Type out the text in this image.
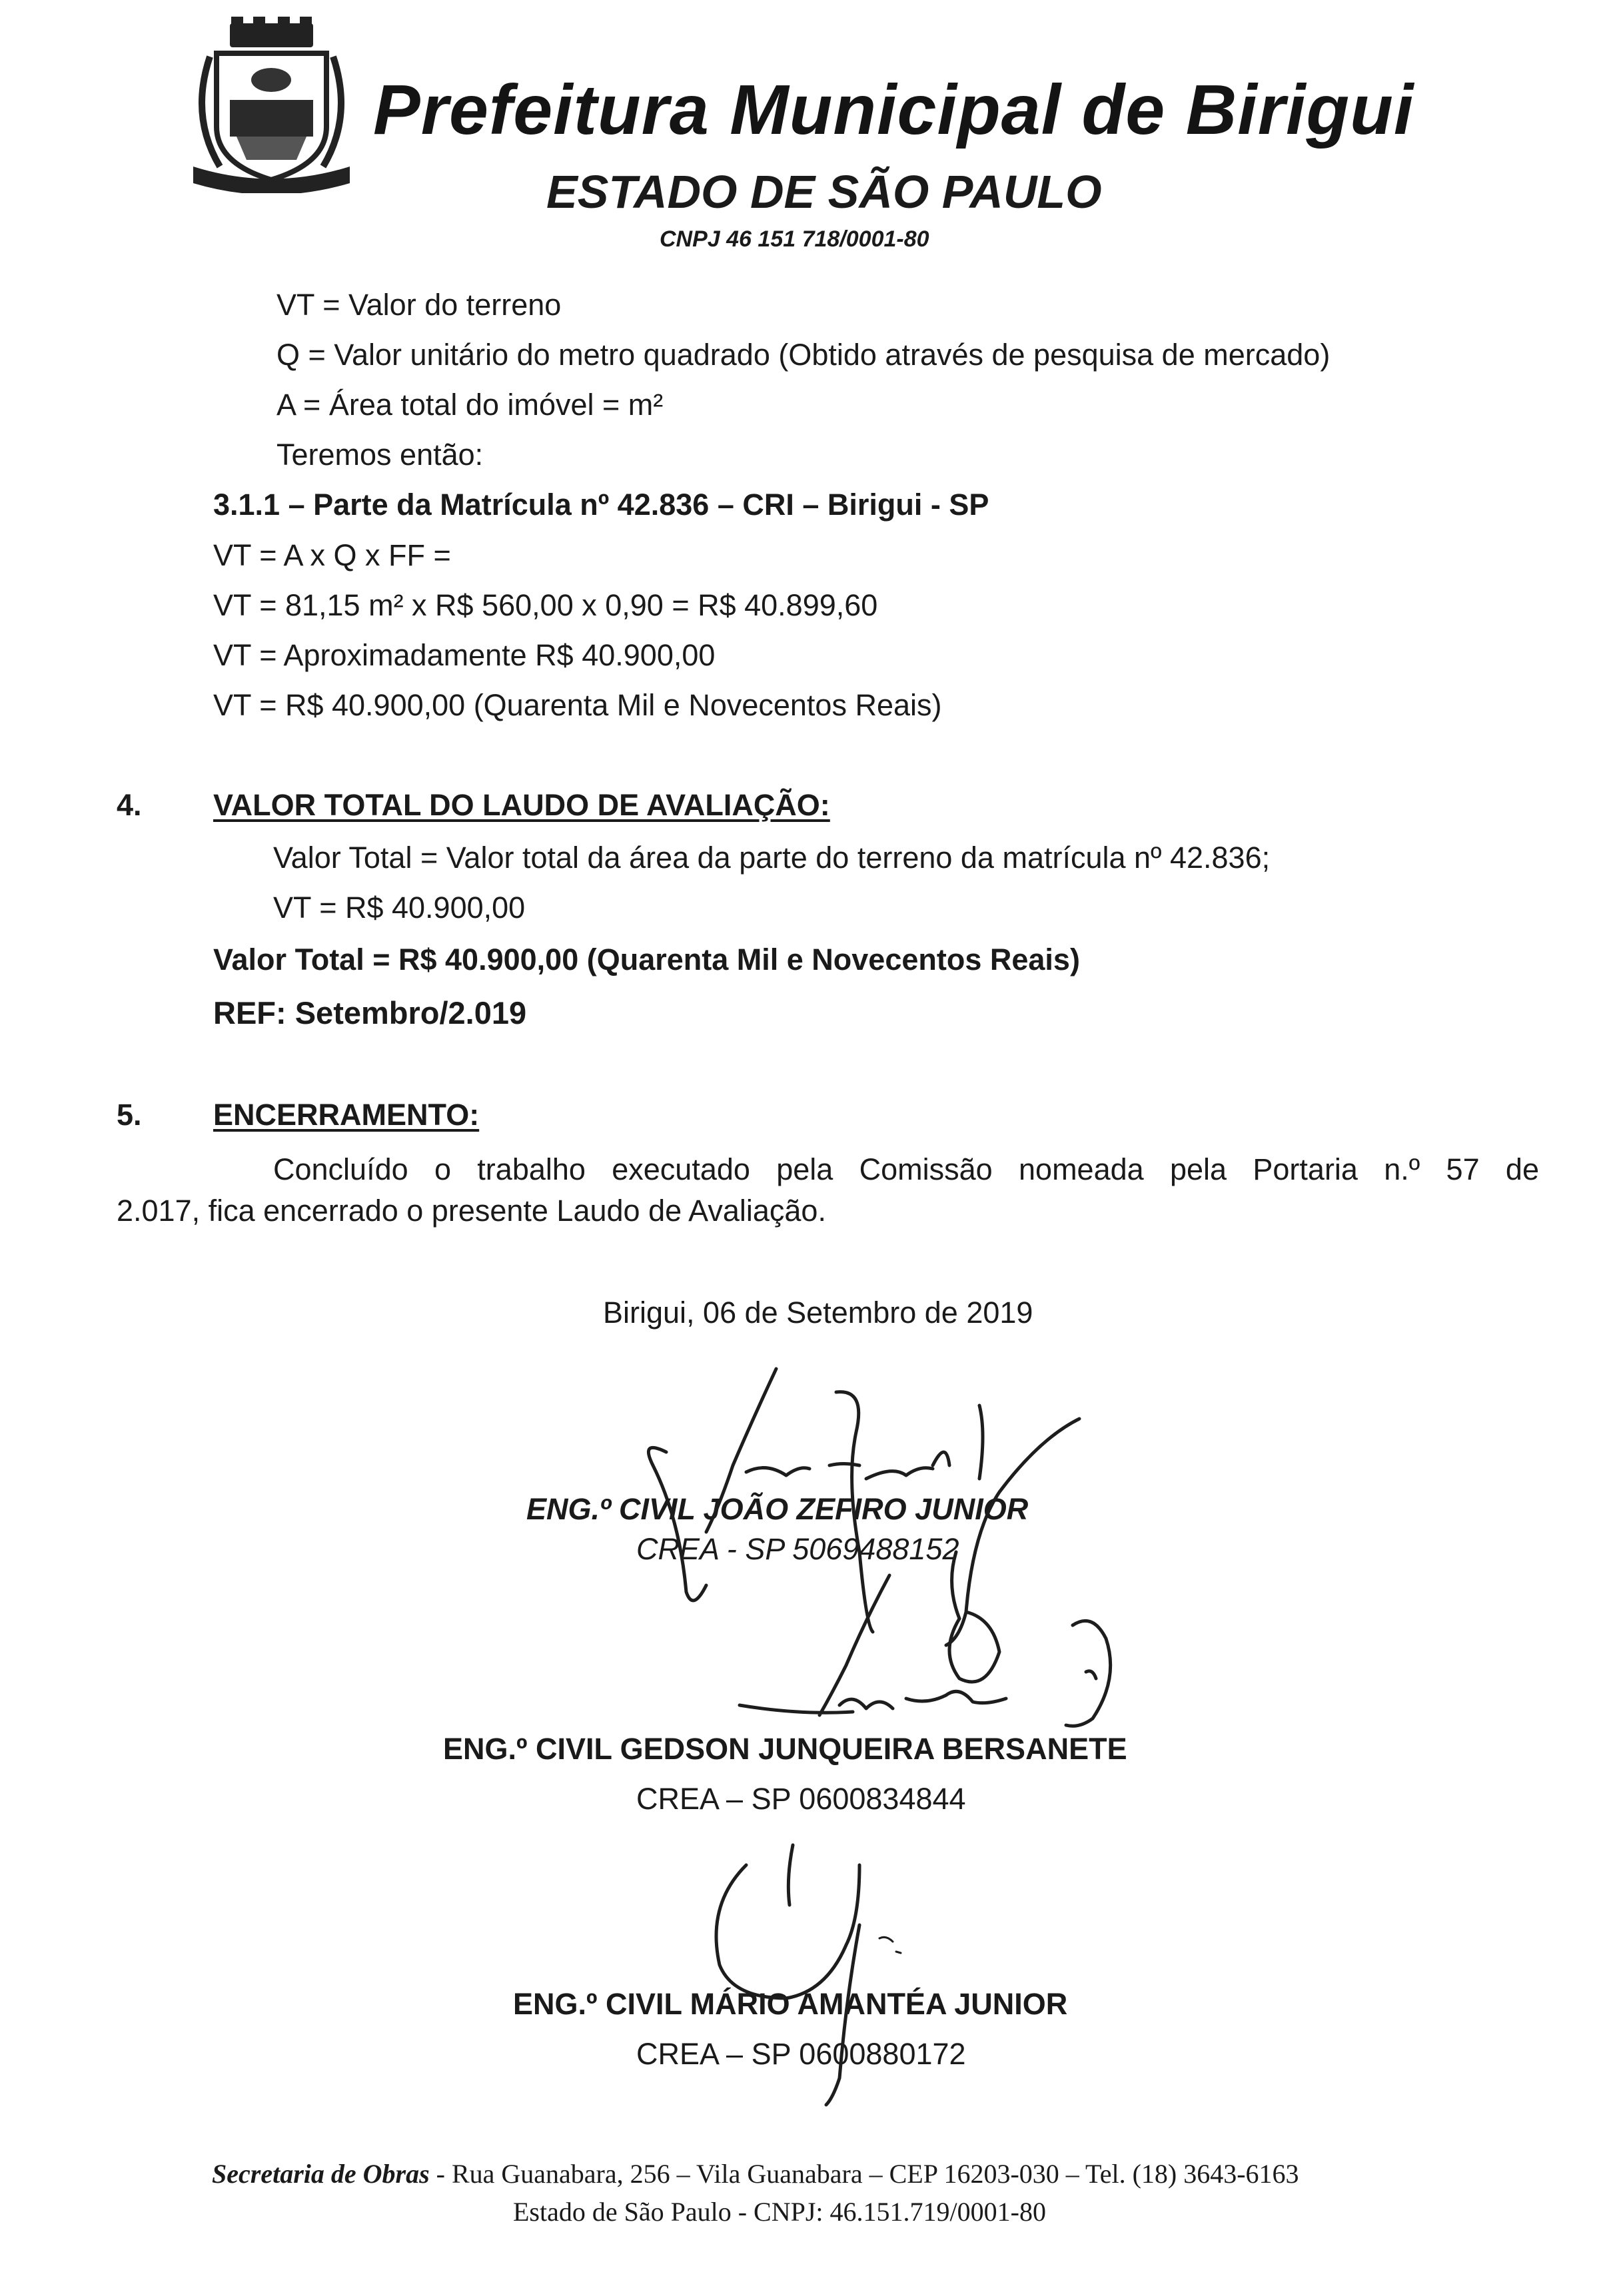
Prefeitura Municipal de Birigui
ESTADO DE SÃO PAULO
CNPJ 46 151 718/0001-80
VT = Valor do terreno
Q = Valor unitário do metro quadrado (Obtido através de pesquisa de mercado)
A = Área total do imóvel = m²
Teremos então:
3.1.1 – Parte da Matrícula nº 42.836 – CRI – Birigui - SP
VT = A x Q x FF =
VT = 81,15 m² x R$ 560,00 x 0,90 = R$ 40.899,60
VT = Aproximadamente R$ 40.900,00
VT = R$ 40.900,00 (Quarenta Mil e Novecentos Reais)
4. VALOR TOTAL DO LAUDO DE AVALIAÇÃO:
Valor Total = Valor total da área da parte do terreno da matrícula nº 42.836;
VT = R$ 40.900,00
Valor Total = R$ 40.900,00 (Quarenta Mil e Novecentos Reais)
REF: Setembro/2.019
5. ENCERRAMENTO:
Concluído o trabalho executado pela Comissão nomeada pela Portaria n.º 57 de
2.017, fica encerrado o presente Laudo de Avaliação.
Birigui, 06 de Setembro de 2019
ENG.º CIVIL JOÃO ZEFIRO JUNIOR
CREA - SP 5069488152
ENG.º CIVIL GEDSON JUNQUEIRA BERSANETE
CREA – SP 0600834844
ENG.º CIVIL MÁRIO AMANTÉA JUNIOR
CREA – SP 0600880172
Secretaria de Obras - Rua Guanabara, 256 – Vila Guanabara – CEP 16203-030 – Tel. (18) 3643-6163
Estado de São Paulo - CNPJ: 46.151.719/0001-80
